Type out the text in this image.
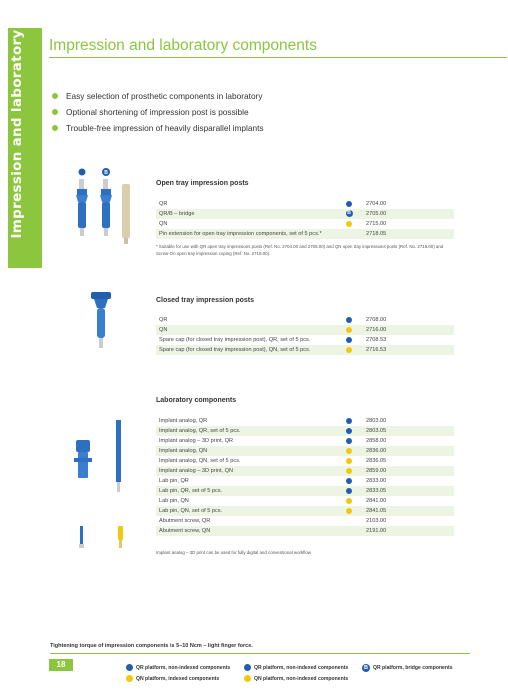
Impression and laboratory Impression and laboratory components
Easy selection of prosthetic components in laboratory
Optional shortening of impression post is possible
Trouble-free impression of heavily disparallel implants
B
Open tray impression posts
QR		2704.00
QR/B – bridge	B	2705.00
QN		2715.00
Pin extension for open tray impression components, set of 5 pcs.*		2718.05
* Suitable for use with QR open tray impressions posts (Ref. No. 2704.00 and 2705.00) and QN open tray impressions posts (Ref. No. 2715.00) and Screw-On open tray impression coping (Ref. No. 2719.00).
Closed tray impression posts
QR		2708.00
QN		2716.00
Spare cap (for closed tray impression post), QR, set of 5 pcs.		2708.53
Spare cap (for closed tray impression post), QN, set of 5 pcs.		2716.53
Laboratory components
Implant analog, QR		2803.00
Implant analog, QR, set of 5 pcs.		2803.05
Implant analog – 3D print, QR		2858.00
Implant analog, QN		2836.00
Implant analog, QN, set of 5 pcs.		2836.05
Implant analog – 3D print, QN		2859.00
Lab pin, QR		2833.00
Lab pin, QR, set of 5 pcs.		2833.05
Lab pin, QN		2841.00
Lab pin, QN, set of 5 pcs.		2841.05
Abutment screw, QR		2103.00
Abutment screw, QN		2191.00
Implant analog – 3D print can be used for fully digital and conventional workflow
Tightening torque of impression components is 5–10 Ncm – light finger force.
18	QR platform, non-indexed components	QR platform, non-indexed components	B QR platform, bridge components
QN platform, indexed components	QN platform, non-indexed components
